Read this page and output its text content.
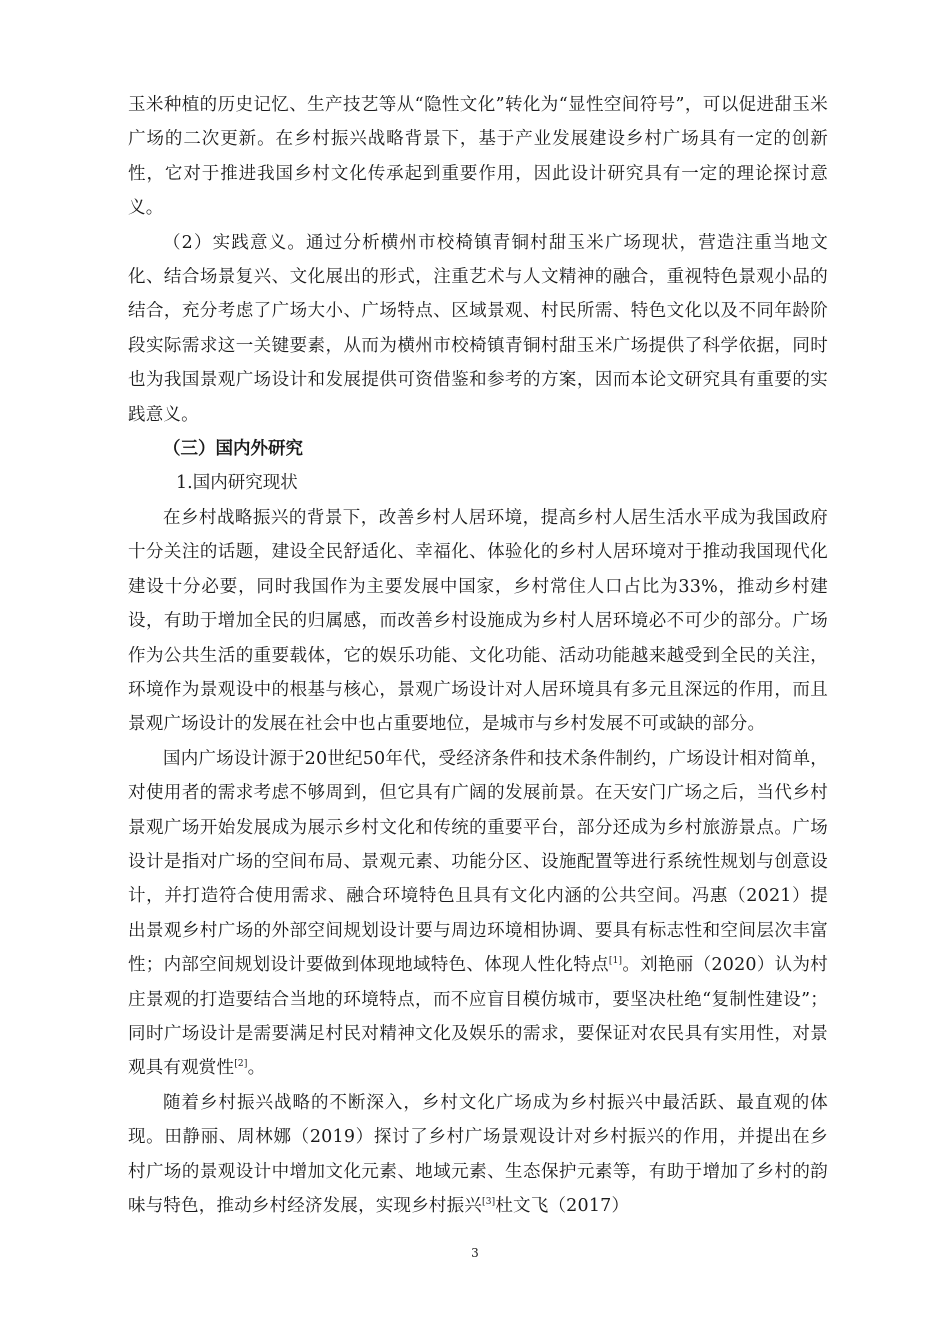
玉米种植的历史记忆、生产技艺等从“隐性文化”转化为“显性空间符号”，可以促进甜玉米广场的二次更新。在乡村振兴战略背景下，基于产业发展建设乡村广场具有一定的创新性，它对于推进我国乡村文化传承起到重要作用，因此设计研究具有一定的理论探讨意义。

（2）实践意义。通过分析横州市校椅镇青铜村甜玉米广场现状，营造注重当地文化、结合场景复兴、文化展出的形式，注重艺术与人文精神的融合，重视特色景观小品的结合，充分考虑了广场大小、广场特点、区域景观、村民所需、特色文化以及不同年龄阶段实际需求这一关键要素，从而为横州市校椅镇青铜村甜玉米广场提供了科学依据，同时也为我国景观广场设计和发展提供可资借鉴和参考的方案，因而本论文研究具有重要的实践意义。

（三）国内外研究

1.国内研究现状

在乡村战略振兴的背景下，改善乡村人居环境，提高乡村人居生活水平成为我国政府十分关注的话题，建设全民舒适化、幸福化、体验化的乡村人居环境对于推动我国现代化建设十分必要，同时我国作为主要发展中国家，乡村常住人口占比为33%，推动乡村建设，有助于增加全民的归属感，而改善乡村设施成为乡村人居环境必不可少的部分。广场作为公共生活的重要载体，它的娱乐功能、文化功能、活动功能越来越受到全民的关注，环境作为景观设中的根基与核心，景观广场设计对人居环境具有多元且深远的作用，而且景观广场设计的发展在社会中也占重要地位，是城市与乡村发展不可或缺的部分。

国内广场设计源于20世纪50年代，受经济条件和技术条件制约，广场设计相对简单，对使用者的需求考虑不够周到，但它具有广阔的发展前景。在天安门广场之后，当代乡村景观广场开始发展成为展示乡村文化和传统的重要平台，部分还成为乡村旅游景点。广场设计是指对广场的空间布局、景观元素、功能分区、设施配置等进行系统性规划与创意设计，并打造符合使用需求、融合环境特色且具有文化内涵的公共空间。冯惠（2021）提出景观乡村广场的外部空间规划设计要与周边环境相协调、要具有标志性和空间层次丰富性；内部空间规划设计要做到体现地域特色、体现人性化特点[1]。刘艳丽（2020）认为村庄景观的打造要结合当地的环境特点，而不应盲目模仿城市，要坚决杜绝“复制性建设”；同时广场设计是需要满足村民对精神文化及娱乐的需求，要保证对农民具有实用性，对景观具有观赏性[2]。

随着乡村振兴战略的不断深入，乡村文化广场成为乡村振兴中最活跃、最直观的体现。田静丽、周林娜（2019）探讨了乡村广场景观设计对乡村振兴的作用，并提出在乡村广场的景观设计中增加文化元素、地域元素、生态保护元素等，有助于增加了乡村的韵味与特色，推动乡村经济发展，实现乡村振兴[3]杜文飞（2017）

3
